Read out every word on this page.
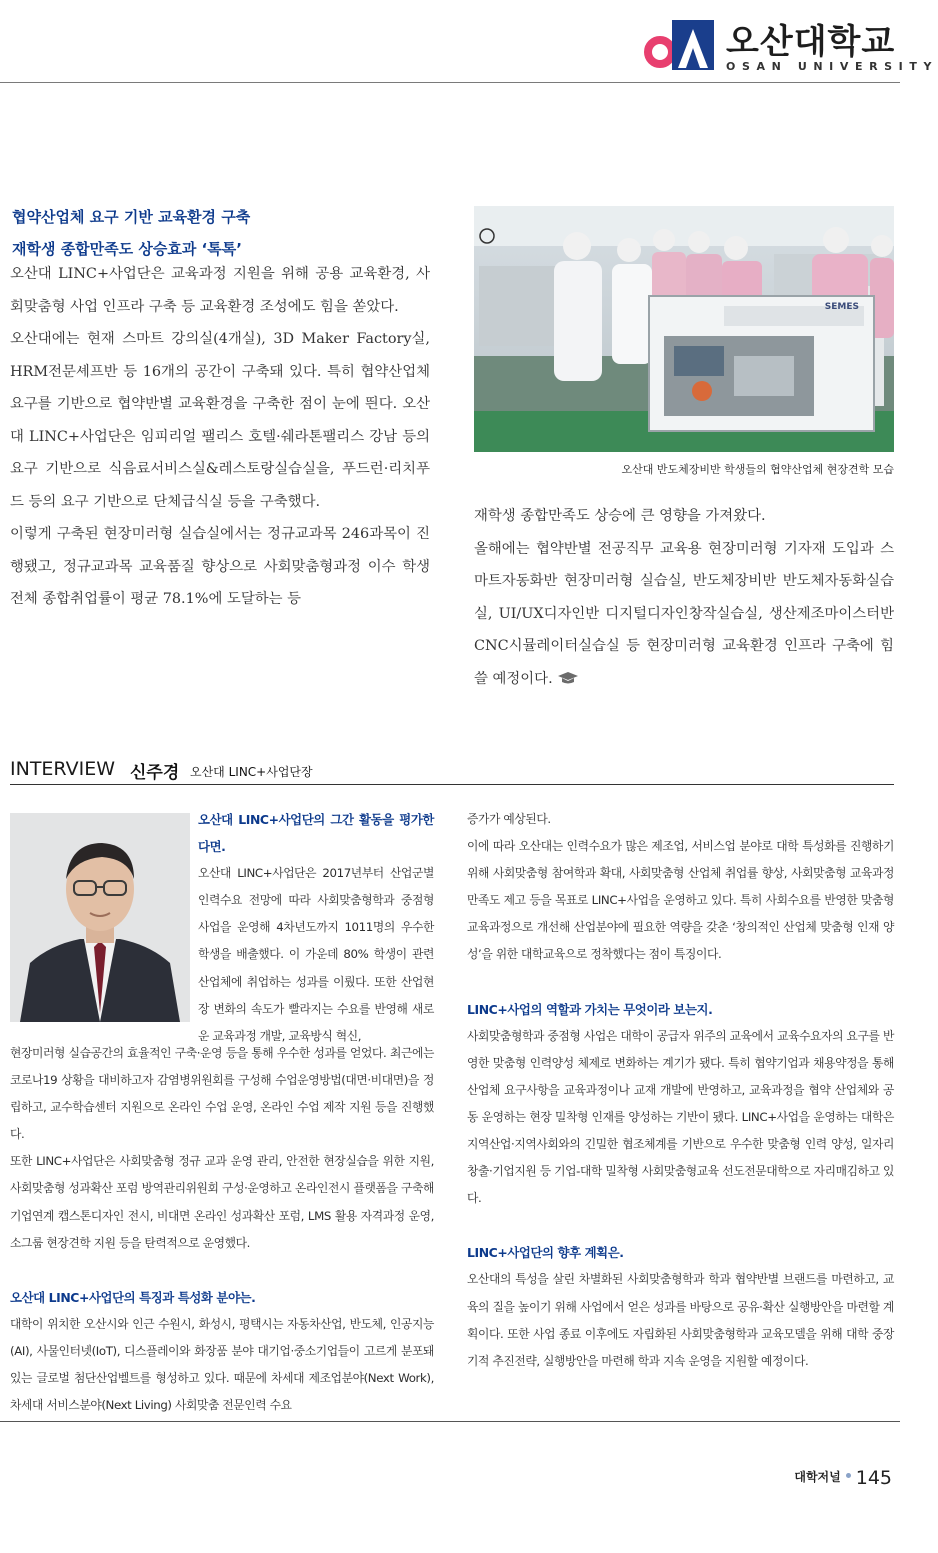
오산대학교
OSAN UNIVERSITY
협약산업체 요구 기반 교육환경 구축
재학생 종합만족도 상승효과 ‘톡톡’

오산대 LINC+사업단은 교육과정 지원을 위해 공용 교육환경, 사회맞춤형 사업 인프라 구축 등 교육환경 조성에도 힘을 쏟았다.

오산대에는 현재 스마트 강의실(4개실), 3D Maker Factory실, HRM전문셰프반 등 16개의 공간이 구축돼 있다. 특히 협약산업체 요구를 기반으로 협약반별 교육환경을 구축한 점이 눈에 띈다. 오산대 LINC+사업단은 임피리얼 팰리스 호텔·쉐라톤팰리스 강남 등의 요구 기반으로 식음료서비스실&레스토랑실습실을, 푸드런·리치푸드 등의 요구 기반으로 단체급식실 등을 구축했다.

이렇게 구축된 현장미러형 실습실에서는 정규교과목 246과목이 진행됐고, 정규교과목 교육품질 향상으로 사회맞춤형과정 이수 학생 전체 종합취업률이 평균 78.1%에 도달하는 등

SEMES
오산대 반도체장비반 학생들의 협약산업체 현장견학 모습

재학생 종합만족도 상승에 큰 영향을 가져왔다.

올해에는 협약반별 전공직무 교육용 현장미러형 기자재 도입과 스마트자동화반 현장미러형 실습실, 반도체장비반 반도체자동화실습실, UI/UX디자인반 디지털디자인창작실습실, 생산제조마이스터반 CNC시뮬레이터실습실 등 현장미러형 교육환경 인프라 구축에 힘쓸 예정이다.

INTERVIEW 신주경 오산대 LINC+사업단장
오산대 LINC+사업단의 그간 활동을 평가한다면.
오산대 LINC+사업단은 2017년부터 산업군별 인력수요 전망에 따라 사회맞춤형학과 중점형 사업을 운영해 4차년도까지 1011명의 우수한 학생을 배출했다. 이 가운데 80% 학생이 관련 산업체에 취업하는 성과를 이뤘다. 또한 산업현장 변화의 속도가 빨라지는 수요를 반영해 새로운 교육과정 개발, 교육방식 혁신,
현장미러형 실습공간의 효율적인 구축·운영 등을 통해 우수한 성과를 얻었다. 최근에는 코로나19 상황을 대비하고자 감염병위원회를 구성해 수업운영방법(대면·비대면)을 정립하고, 교수학습센터 지원으로 온라인 수업 운영, 온라인 수업 제작 지원 등을 진행했다.
또한 LINC+사업단은 사회맞춤형 정규 교과 운영 관리, 안전한 현장실습을 위한 지원, 사회맞춤형 성과확산 포럼 방역관리위원회 구성·운영하고 온라인전시 플랫폼을 구축해 기업연계 캡스톤디자인 전시, 비대면 온라인 성과확산 포럼, LMS 활용 자격과정 운영, 소그룹 현장견학 지원 등을 탄력적으로 운영했다.
오산대 LINC+사업단의 특징과 특성화 분야는.
대학이 위치한 오산시와 인근 수원시, 화성시, 평택시는 자동차산업, 반도체, 인공지능(AI), 사물인터넷(IoT), 디스플레이와 화장품 분야 대기업·중소기업들이 고르게 분포돼 있는 글로벌 첨단산업벨트를 형성하고 있다. 때문에 차세대 제조업분야(Next Work), 차세대 서비스분야(Next Living) 사회맞춤 전문인력 수요
증가가 예상된다.
이에 따라 오산대는 인력수요가 많은 제조업, 서비스업 분야로 대학 특성화를 진행하기 위해 사회맞춤형 참여학과 확대, 사회맞춤형 산업체 취업률 향상, 사회맞춤형 교육과정 만족도 제고 등을 목표로 LINC+사업을 운영하고 있다. 특히 사회수요를 반영한 맞춤형 교육과정으로 개선해 산업분야에 필요한 역량을 갖춘 ‘창의적인 산업체 맞춤형 인재 양성’을 위한 대학교육으로 정착했다는 점이 특징이다.
LINC+사업의 역할과 가치는 무엇이라 보는지.
사회맞춤형학과 중점형 사업은 대학이 공급자 위주의 교육에서 교육수요자의 요구를 반영한 맞춤형 인력양성 체제로 변화하는 계기가 됐다. 특히 협약기업과 채용약정을 통해 산업체 요구사항을 교육과정이나 교재 개발에 반영하고, 교육과정을 협약 산업체와 공동 운영하는 현장 밀착형 인재를 양성하는 기반이 됐다. LINC+사업을 운영하는 대학은 지역산업·지역사회와의 긴밀한 협조체계를 기반으로 우수한 맞춤형 인력 양성, 일자리 창출·기업지원 등 기업-대학 밀착형 사회맞춤형교육 선도전문대학으로 자리매김하고 있다.
LINC+사업단의 향후 계획은.
오산대의 특성을 살린 차별화된 사회맞춤형학과 학과 협약반별 브랜드를 마련하고, 교육의 질을 높이기 위해 사업에서 얻은 성과를 바탕으로 공유·확산 실행방안을 마련할 계획이다. 또한 사업 종료 이후에도 자립화된 사회맞춤형학과 교육모델을 위해 대학 중장기적 추진전략, 실행방안을 마련해 학과 지속 운영을 지원할 예정이다.
대학저널 145
